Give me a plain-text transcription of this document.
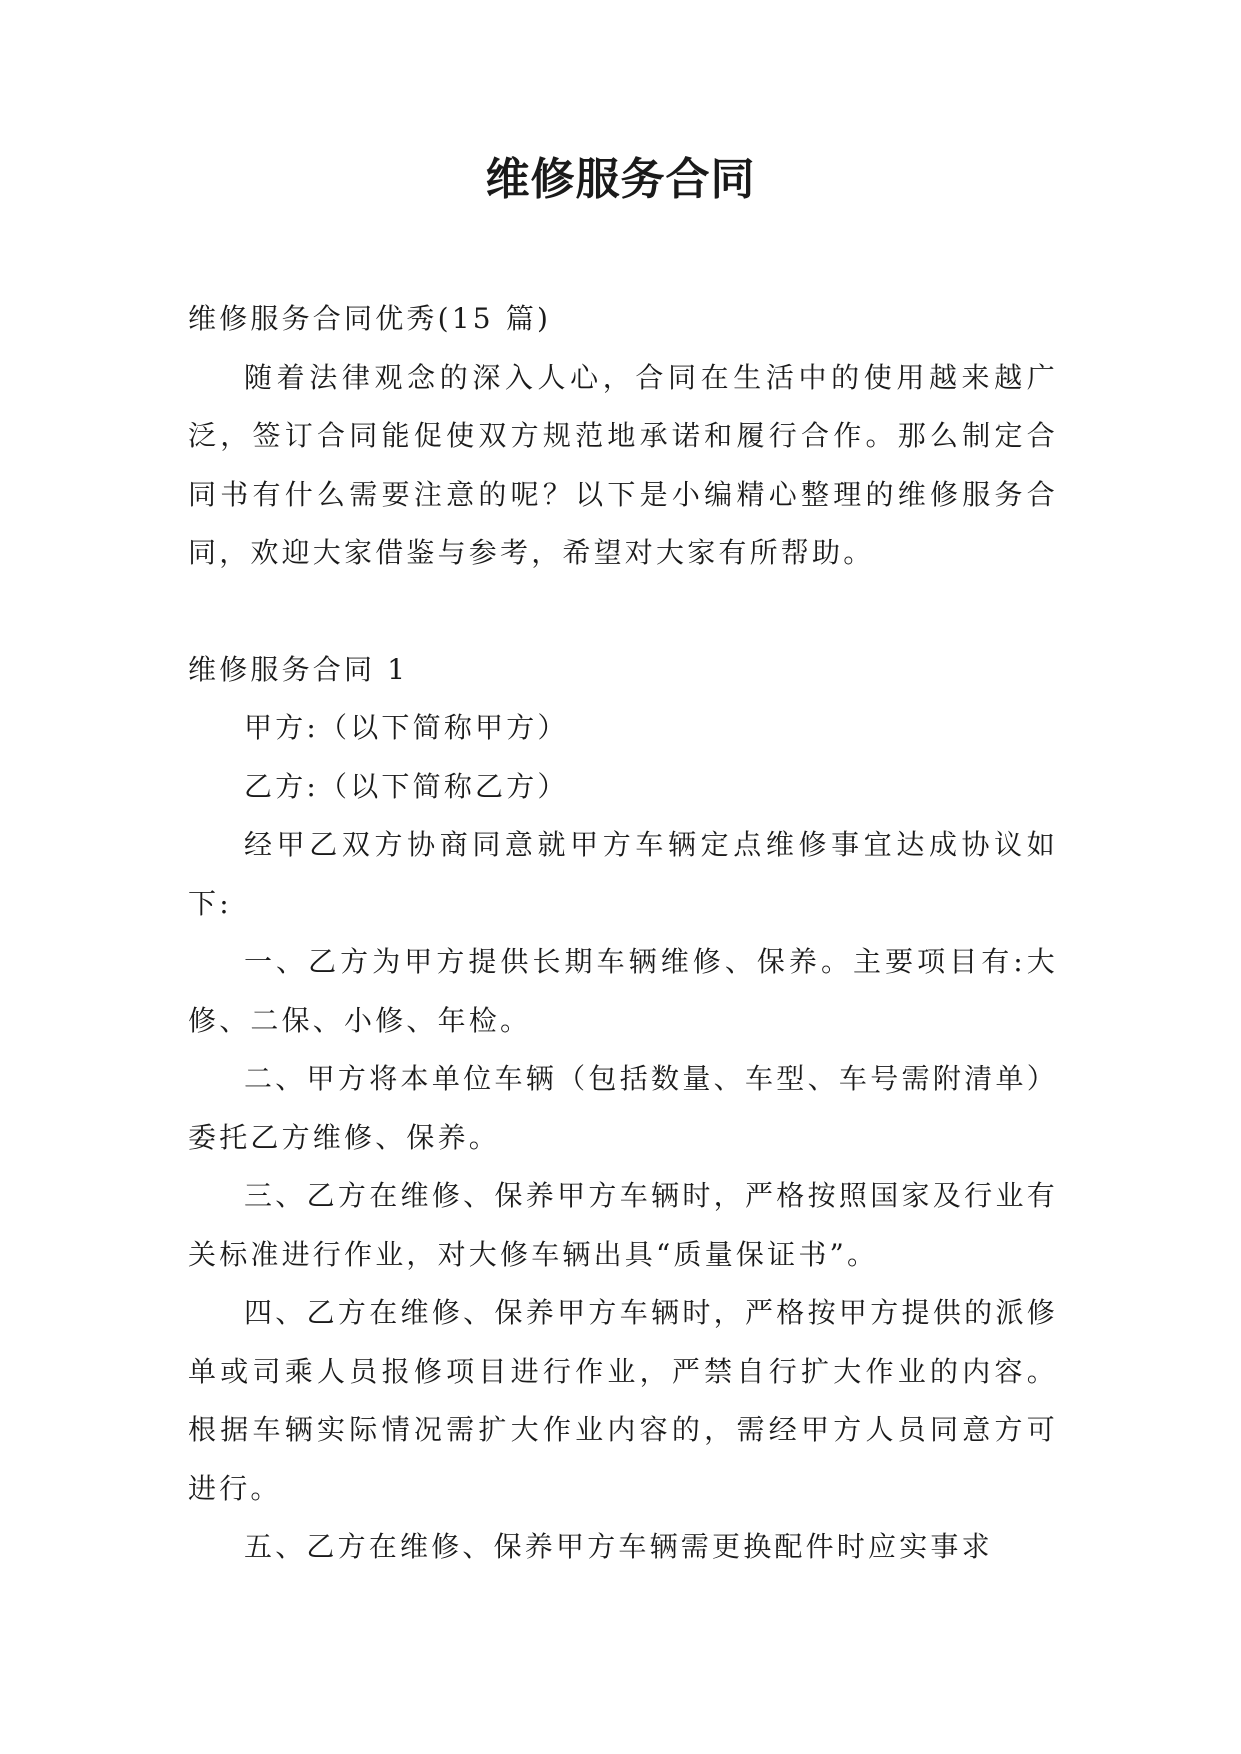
维修服务合同

维修服务合同优秀(15 篇)

随着法律观念的深入人心，合同在生活中的使用越来越广泛，签订合同能促使双方规范地承诺和履行合作。那么制定合同书有什么需要注意的呢？以下是小编精心整理的维修服务合同，欢迎大家借鉴与参考，希望对大家有所帮助。

维修服务合同 1

甲方:（以下简称甲方）

乙方:（以下简称乙方）

经甲乙双方协商同意就甲方车辆定点维修事宜达成协议如下:

一、乙方为甲方提供长期车辆维修、保养。主要项目有:大修、二保、小修、年检。

二、甲方将本单位车辆（包括数量、车型、车号需附清单）委托乙方维修、保养。

三、乙方在维修、保养甲方车辆时，严格按照国家及行业有关标准进行作业，对大修车辆出具“质量保证书”。

四、乙方在维修、保养甲方车辆时，严格按甲方提供的派修单或司乘人员报修项目进行作业，严禁自行扩大作业的内容。根据车辆实际情况需扩大作业内容的，需经甲方人员同意方可进行。

五、乙方在维修、保养甲方车辆需更换配件时应实事求
